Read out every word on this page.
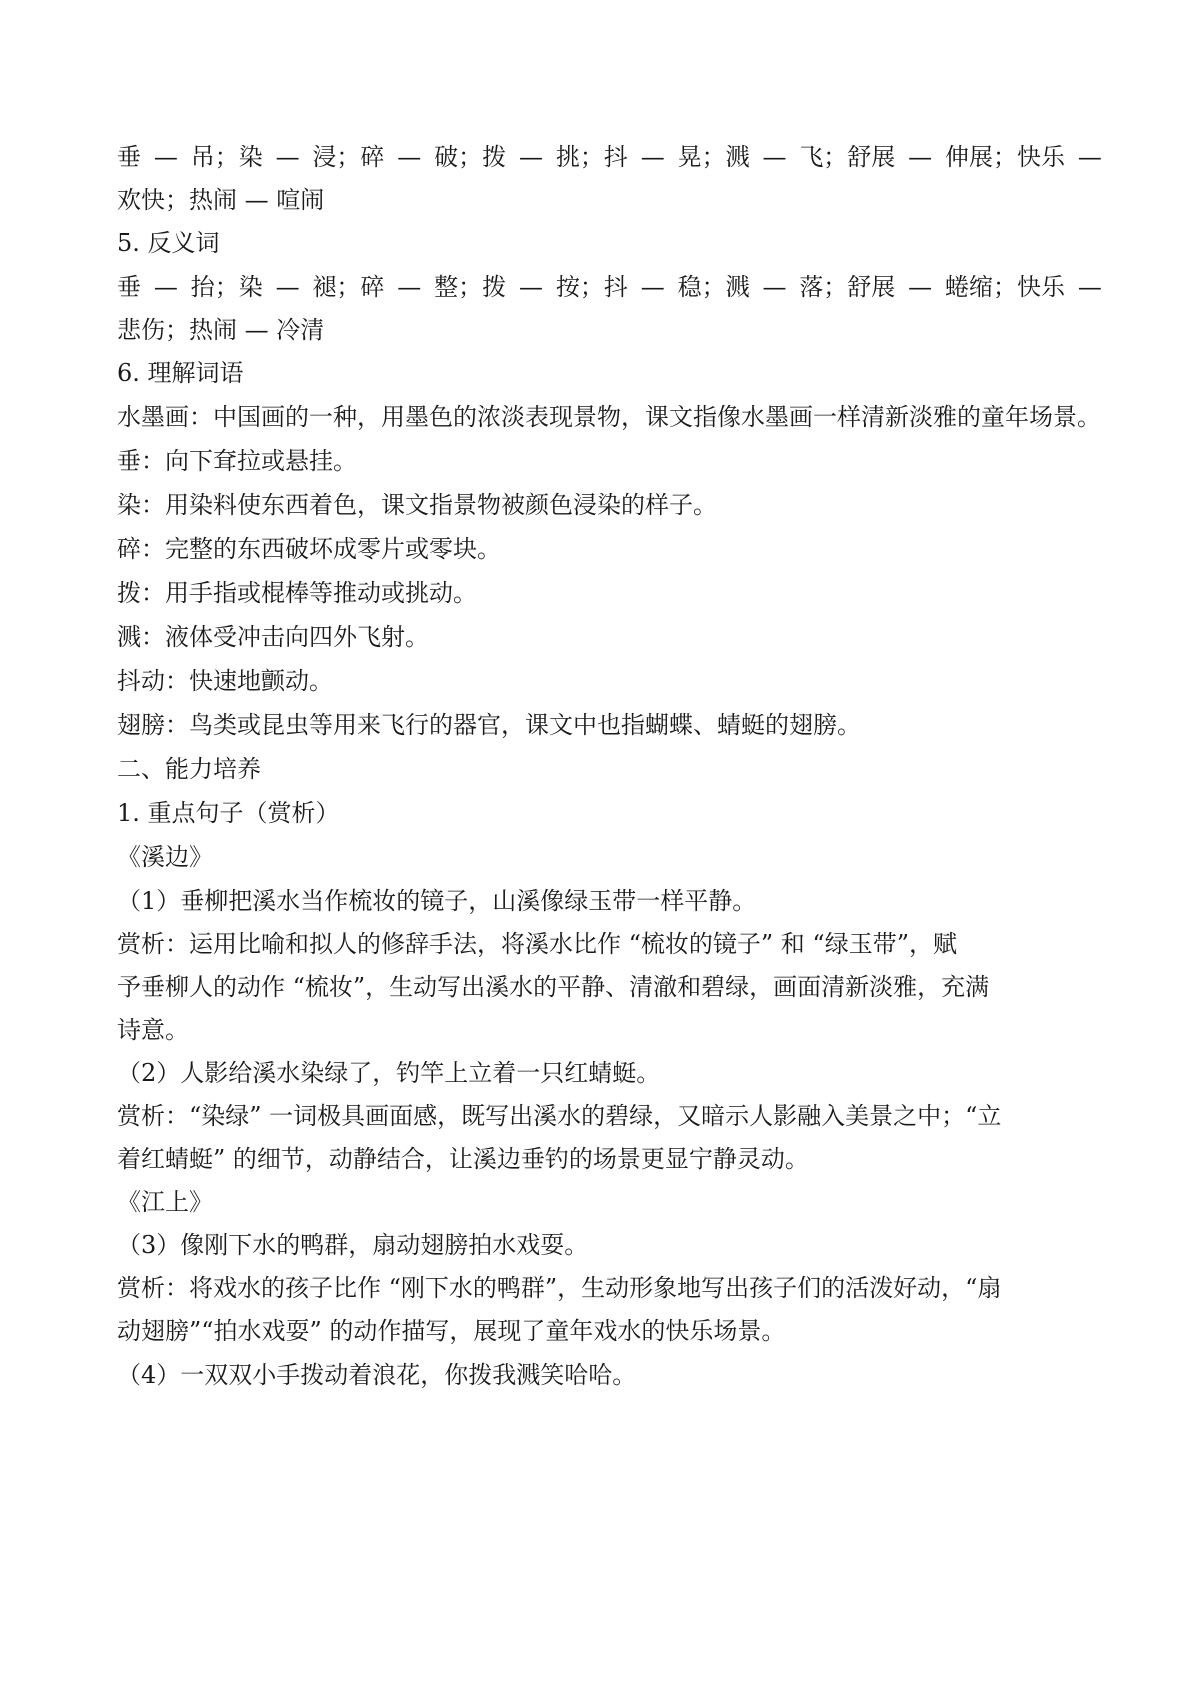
垂 — 吊；染 — 浸；碎 — 破；拨 — 挑；抖 — 晃；溅 — 飞；舒展 — 伸展；快乐 —
欢快；热闹 — 喧闹
5. 反义词
垂 — 抬；染 — 褪；碎 — 整；拨 — 按；抖 — 稳；溅 — 落；舒展 — 蜷缩；快乐 —
悲伤；热闹 — 冷清
6. 理解词语
水墨画：中国画的一种，用墨色的浓淡表现景物，课文指像水墨画一样清新淡雅的童年场景。
垂：向下耷拉或悬挂。
染：用染料使东西着色，课文指景物被颜色浸染的样子。
碎：完整的东西破坏成零片或零块。
拨：用手指或棍棒等推动或挑动。
溅：液体受冲击向四外飞射。
抖动：快速地颤动。
翅膀：鸟类或昆虫等用来飞行的器官，课文中也指蝴蝶、蜻蜓的翅膀。
二、能力培养
1. 重点句子（赏析）
《溪边》
（1）垂柳把溪水当作梳妆的镜子，山溪像绿玉带一样平静。
赏析：运用比喻和拟人的修辞手法，将溪水比作 “梳妆的镜子” 和 “绿玉带”，赋
予垂柳人的动作 “梳妆”，生动写出溪水的平静、清澈和碧绿，画面清新淡雅，充满
诗意。
（2）人影给溪水染绿了，钓竿上立着一只红蜻蜓。
赏析：“染绿” 一词极具画面感，既写出溪水的碧绿，又暗示人影融入美景之中；“立
着红蜻蜓” 的细节，动静结合，让溪边垂钓的场景更显宁静灵动。
《江上》
（3）像刚下水的鸭群，扇动翅膀拍水戏耍。
赏析：将戏水的孩子比作 “刚下水的鸭群”，生动形象地写出孩子们的活泼好动，“扇
动翅膀”“拍水戏耍” 的动作描写，展现了童年戏水的快乐场景。
（4）一双双小手拨动着浪花，你拨我溅笑哈哈。
